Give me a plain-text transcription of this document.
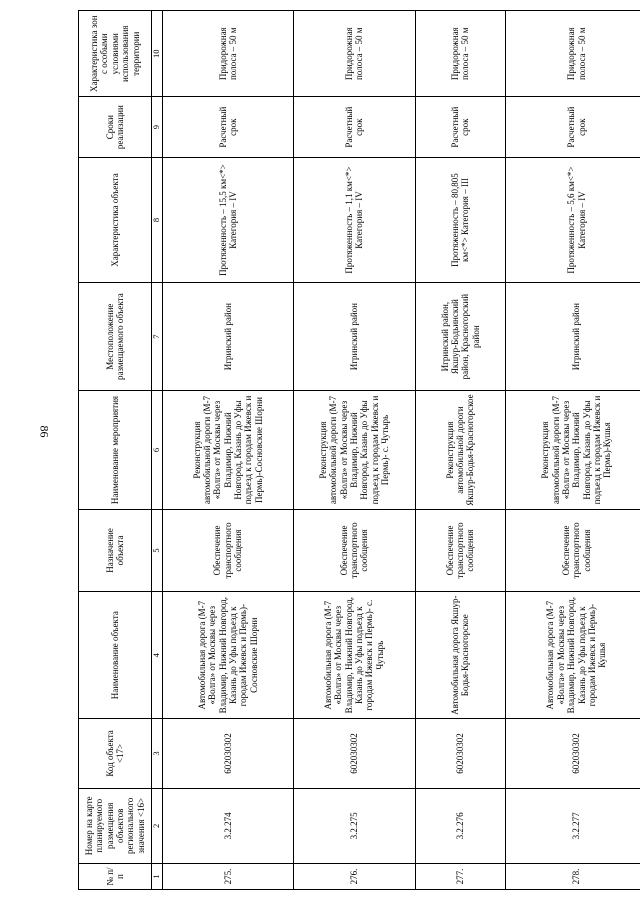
86
№ п/п	Номер на карте планируемого размещения объектов регионального значения <16>	Код объекта <17>	Наименование объекта	Назначение объекта	Наименование мероприятия	Местоположение размещаемого объекта	Характеристика объекта	Сроки реализации	Характеристика зон с особыми условиями использования территории
1	2	3	4	5	6	7	8	9	10
275.	3.2.274	602030302	Автомобильная дорога (М-7 «Волга» от Москвы через Владимир, Нижний Новгород, Казань до Уфы подъезд к городам Ижевск и Пермь)-Сосновские Шорни	Обеспечение транспортного сообщения	Реконструкция автомобильной дороги (М-7 «Волга» от Москвы через Владимир, Нижний Новгород, Казань до Уфы подъезд к городам Ижевск и Пермь)-Сосновские Шорни	Игринский район	Протяженность – 15,5 км<*> Категория – IV	Расчетный срок	Придорожная полоса – 50 м
276.	3.2.275	602030302	Автомобильная дорога (М-7 «Волга» от Москвы через Владимир, Нижний Новгород, Казань до Уфы подъезд к городам Ижевск и Пермь)- с. Чутырь	Обеспечение транспортного сообщения	Реконструкция автомобильной дороги (М-7 «Волга» от Москвы через Владимир, Нижний Новгород, Казань до Уфы подъезд к городам Ижевск и Пермь)- с. Чутырь	Игринский район	Протяженность – 1,1 км<*> Категория – IV	Расчетный срок	Придорожная полоса – 50 м
277.	3.2.276	602030302	Автомобильная дорога Якшур-Бодья-Красногорское	Обеспечение транспортного сообщения	Реконструкция автомобильной дороги Якшур-Бодья-Красногорское	Игринский район, Якшур-Бодьинский район, Красногорский район	Протяженность – 80,805 км<*> Категория – III	Расчетный срок	Придорожная полоса – 50 м
278.	3.2.277	602030302	Автомобильная дорога (М-7 «Волга» от Москвы через Владимир, Нижний Новгород, Казань до Уфы подъезд к городам Ижевск и Пермь)-Кушья	Обеспечение транспортного сообщения	Реконструкция автомобильной дороги (М-7 «Волга» от Москвы через Владимир, Нижний Новгород, Казань до Уфы подъезд к городам Ижевск и Пермь)-Кушья	Игринский район	Протяженность – 5,6 км<*> Категория – IV	Расчетный срок	Придорожная полоса – 50 м
